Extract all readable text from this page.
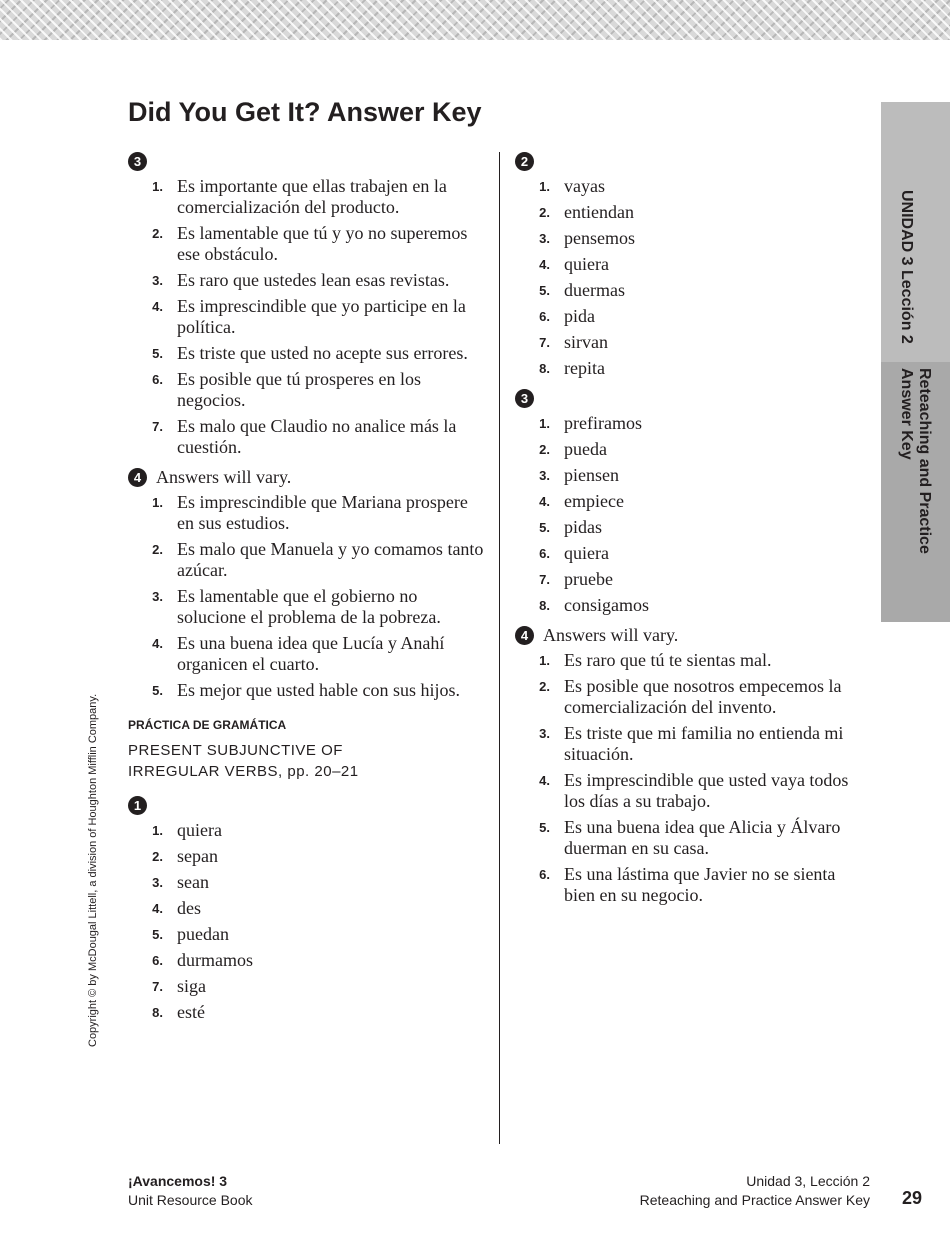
Did You Get It? Answer Key
3
1. Es importante que ellas trabajen en la comercialización del producto.
2. Es lamentable que tú y yo no superemos ese obstáculo.
3. Es raro que ustedes lean esas revistas.
4. Es imprescindible que yo participe en la política.
5. Es triste que usted no acepte sus errores.
6. Es posible que tú prosperes en los negocios.
7. Es malo que Claudio no analice más la cuestión.
4 Answers will vary.
1. Es imprescindible que Mariana prospere en sus estudios.
2. Es malo que Manuela y yo comamos tanto azúcar.
3. Es lamentable que el gobierno no solucione el problema de la pobreza.
4. Es una buena idea que Lucía y Anahí organicen el cuarto.
5. Es mejor que usted hable con sus hijos.
PRÁCTICA DE GRAMÁTICA
PRESENT SUBJUNCTIVE OF IRREGULAR VERBS, pp. 20–21
1
1. quiera
2. sepan
3. sean
4. des
5. puedan
6. durmamos
7. siga
8. esté
2
1. vayas
2. entiendan
3. pensemos
4. quiera
5. duermas
6. pida
7. sirvan
8. repita
3
1. prefiramos
2. pueda
3. piensen
4. empiece
5. pidas
6. quiera
7. pruebe
8. consigamos
4 Answers will vary.
1. Es raro que tú te sientas mal.
2. Es posible que nosotros empecemos la comercialización del invento.
3. Es triste que mi familia no entienda mi situación.
4. Es imprescindible que usted vaya todos los días a su trabajo.
5. Es una buena idea que Alicia y Álvaro duerman en su casa.
6. Es una lástima que Javier no se sienta bien en su negocio.
UNIDAD 3 Lección 2
Reteaching and Practice
Answer Key
Copyright © by McDougal Littell, a division of Houghton Mifflin Company.
¡Avancemos! 3
Unit Resource Book
Unidad 3, Lección 2
Reteaching and Practice Answer Key 29
